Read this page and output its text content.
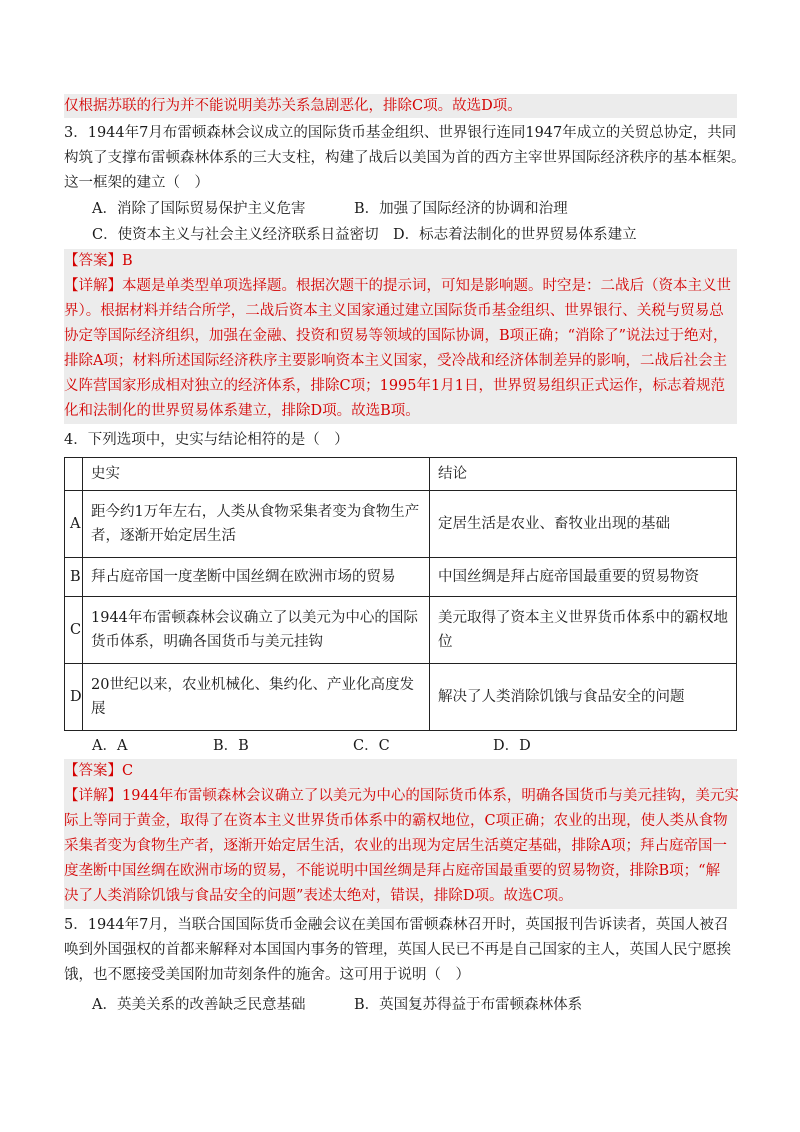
仅根据苏联的行为并不能说明美苏关系急剧恶化，排除C项。故选D项。
3．1944年7月布雷顿森林会议成立的国际货币基金组织、世界银行连同1947年成立的关贸总协定，共同
构筑了支撑布雷顿森林体系的三大支柱，构建了战后以美国为首的西方主宰世界国际经济秩序的基本框架。
这一框架的建立（　）
A．消除了国际贸易保护主义危害	B．加强了国际经济的协调和治理
C．使资本主义与社会主义经济联系日益密切 D．标志着法制化的世界贸易体系建立
【答案】B
【详解】本题是单类型单项选择题。根据次题干的提示词，可知是影响题。时空是：二战后（资本主义世
界）。根据材料并结合所学，二战后资本主义国家通过建立国际货币基金组织、世界银行、关税与贸易总
协定等国际经济组织，加强在金融、投资和贸易等领域的国际协调，B项正确；“消除了”说法过于绝对，
排除A项；材料所述国际经济秩序主要影响资本主义国家，受冷战和经济体制差异的影响，二战后社会主
义阵营国家形成相对独立的经济体系，排除C项；1995年1月1日，世界贸易组织正式运作，标志着规范
化和法制化的世界贸易体系建立，排除D项。故选B项。
4．下列选项中，史实与结论相符的是（　）
	史实	结论
A	距今约1万年左右，人类从食物采集者变为食物生产者，逐渐开始定居生活	定居生活是农业、畜牧业出现的基础
B	拜占庭帝国一度垄断中国丝绸在欧洲市场的贸易	中国丝绸是拜占庭帝国最重要的贸易物资
C	1944年布雷顿森林会议确立了以美元为中心的国际货币体系，明确各国货币与美元挂钩	美元取得了资本主义世界货币体系中的霸权地位
D	20世纪以来，农业机械化、集约化、产业化高度发展	解决了人类消除饥饿与食品安全的问题
A．A	B．B	C．C	D．D
【答案】C
【详解】1944年布雷顿森林会议确立了以美元为中心的国际货币体系，明确各国货币与美元挂钩，美元实
际上等同于黄金，取得了在资本主义世界货币体系中的霸权地位，C项正确；农业的出现，使人类从食物
采集者变为食物生产者，逐渐开始定居生活，农业的出现为定居生活奠定基础，排除A项；拜占庭帝国一
度垄断中国丝绸在欧洲市场的贸易，不能说明中国丝绸是拜占庭帝国最重要的贸易物资，排除B项；“解
决了人类消除饥饿与食品安全的问题”表述太绝对，错误，排除D项。故选C项。
5．1944年7月，当联合国国际货币金融会议在美国布雷顿森林召开时，英国报刊告诉读者，英国人被召
唤到外国强权的首都来解释对本国国内事务的管理，英国人民已不再是自己国家的主人，英国人民宁愿挨
饿，也不愿接受美国附加苛刻条件的施舍。这可用于说明（　）
A．英美关系的改善缺乏民意基础	B．英国复苏得益于布雷顿森林体系
